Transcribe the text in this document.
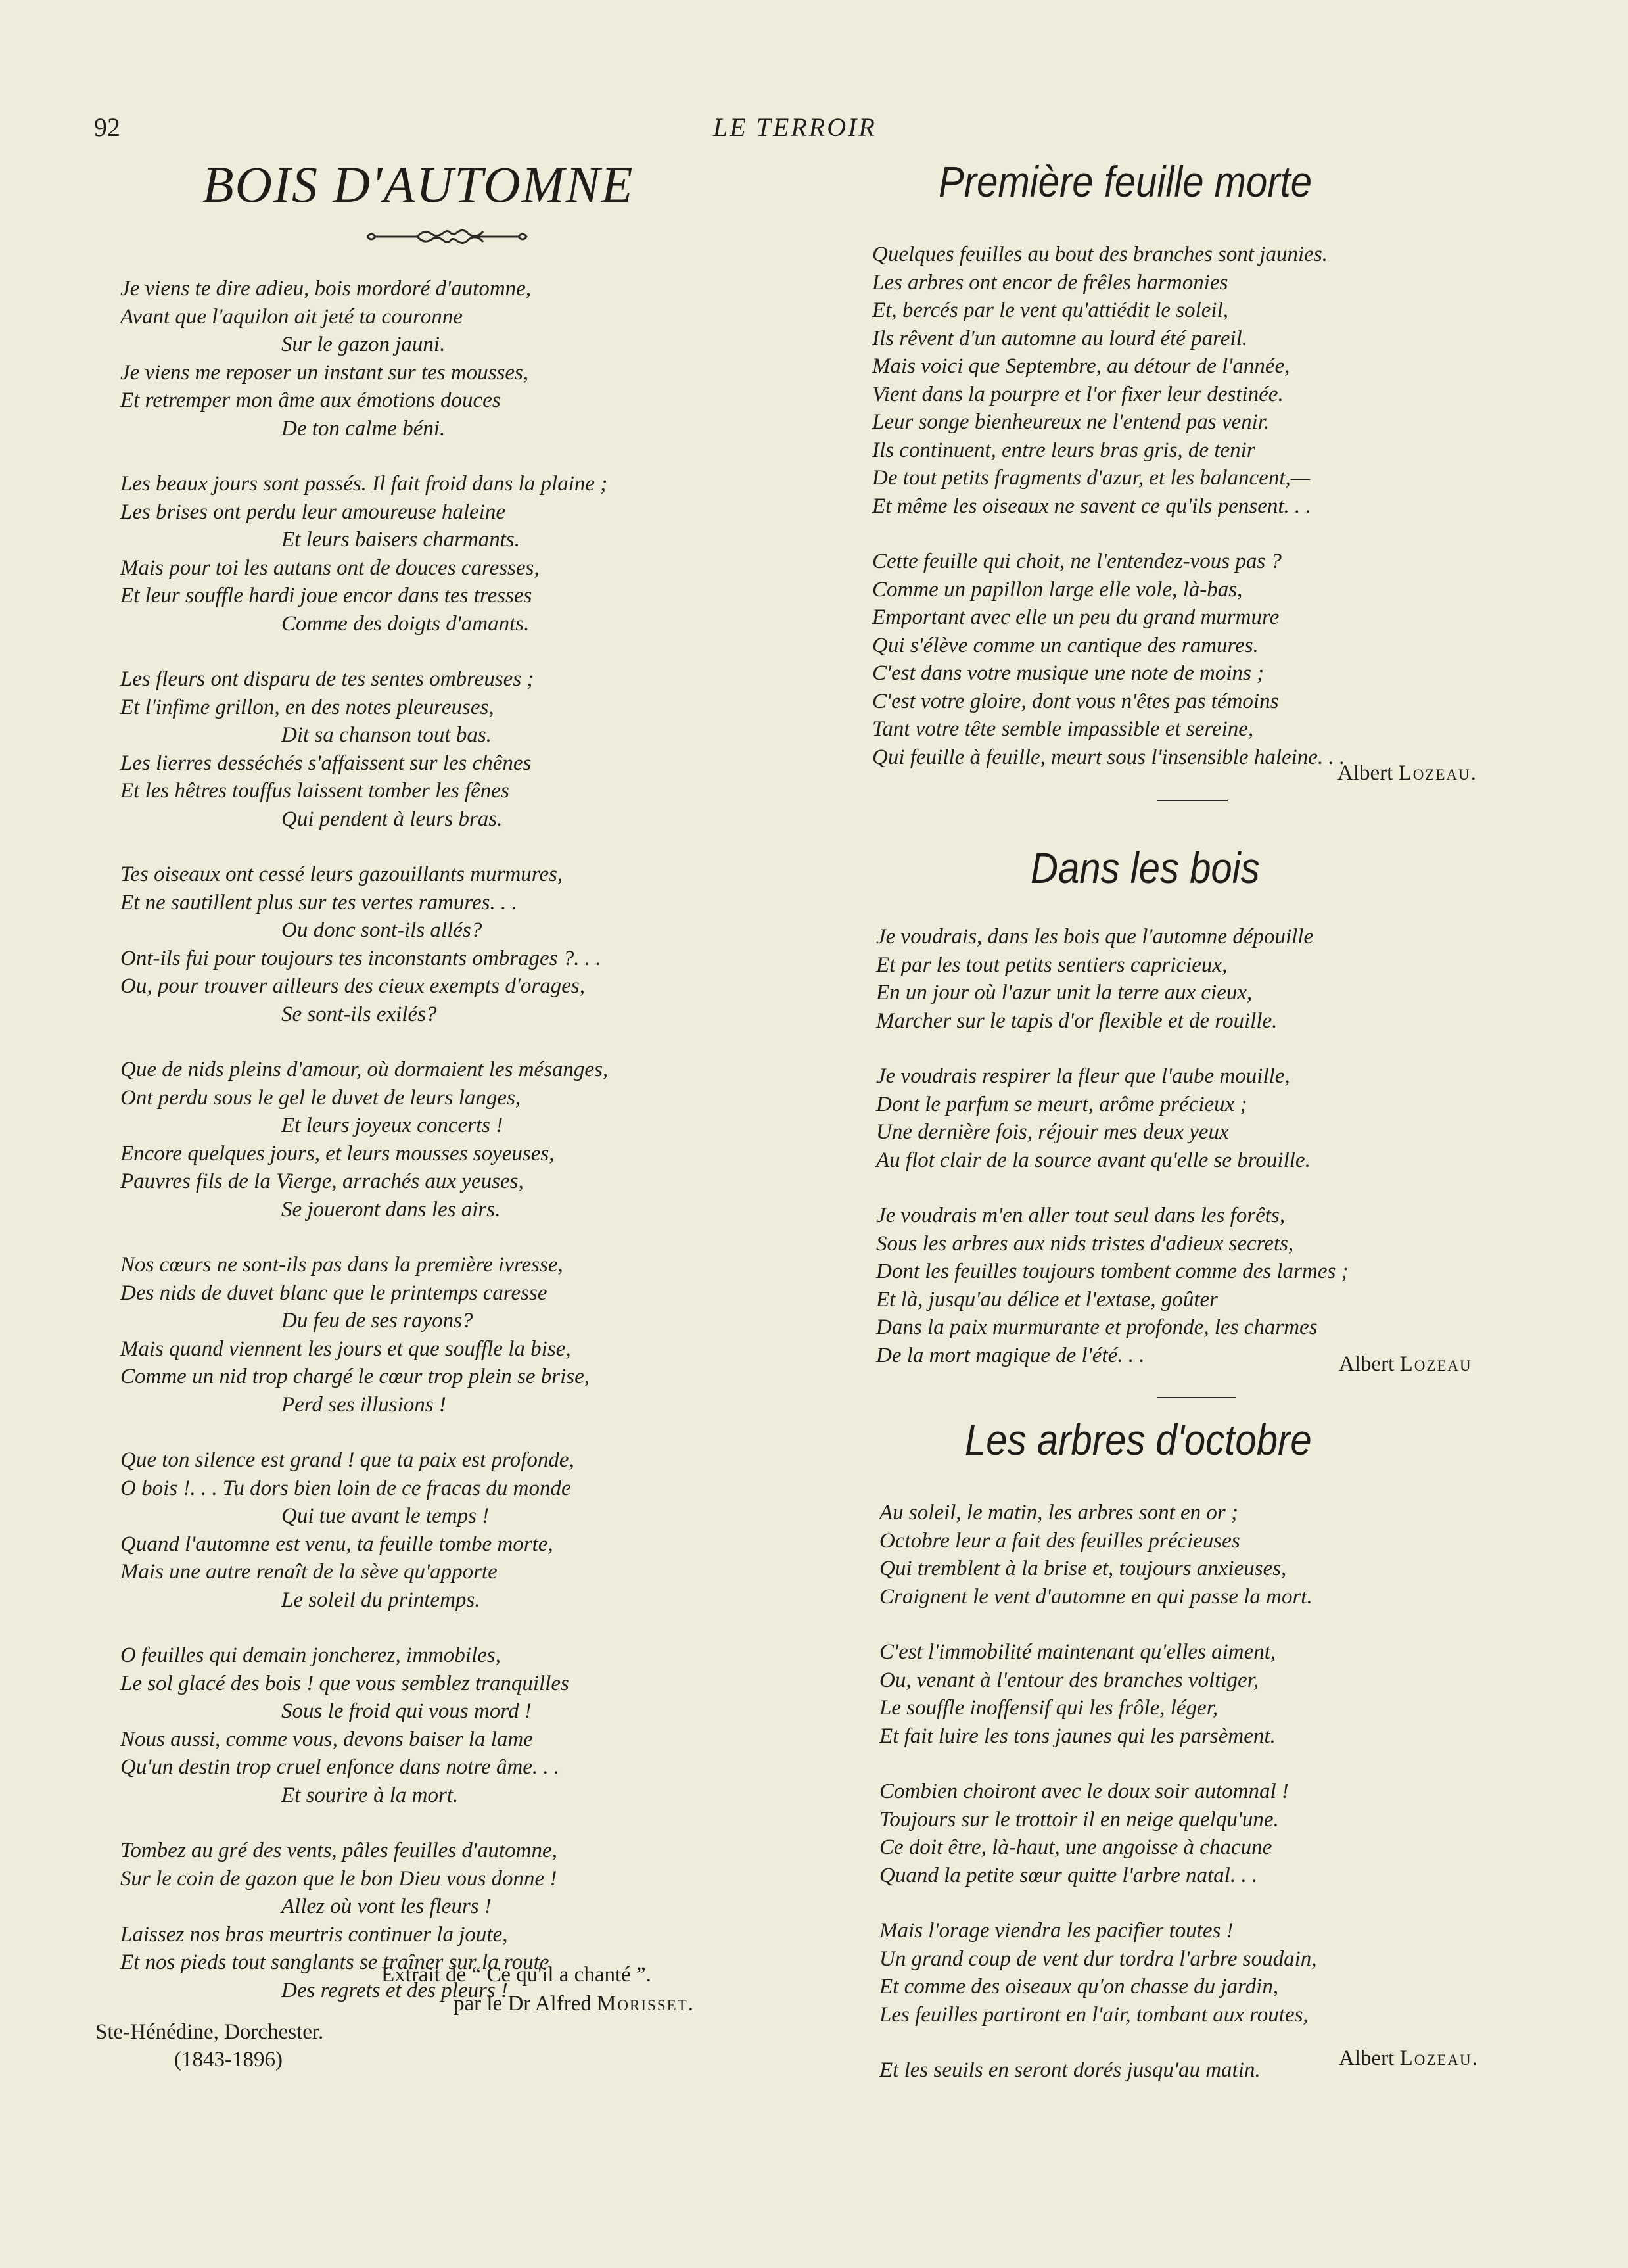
92	LE TERROIR
BOIS D'AUTOMNE
Je viens te dire adieu, bois mordoré d'automne,
Avant que l'aquilon ait jeté ta couronne
Sur le gazon jauni.
Je viens me reposer un instant sur tes mousses,
Et retremper mon âme aux émotions douces
De ton calme béni.
Les beaux jours sont passés. Il fait froid dans la plaine ;
Les brises ont perdu leur amoureuse haleine
Et leurs baisers charmants.
Mais pour toi les autans ont de douces caresses,
Et leur souffle hardi joue encor dans tes tresses
Comme des doigts d'amants.
Les fleurs ont disparu de tes sentes ombreuses ;
Et l'infime grillon, en des notes pleureuses,
Dit sa chanson tout bas.
Les lierres desséchés s'affaissent sur les chênes
Et les hêtres touffus laissent tomber les fênes
Qui pendent à leurs bras.
Tes oiseaux ont cessé leurs gazouillants murmures,
Et ne sautillent plus sur tes vertes ramures. . .
Ou donc sont-ils allés?
Ont-ils fui pour toujours tes inconstants ombrages ?. . .
Ou, pour trouver ailleurs des cieux exempts d'orages,
Se sont-ils exilés?
Que de nids pleins d'amour, où dormaient les mésanges,
Ont perdu sous le gel le duvet de leurs langes,
Et leurs joyeux concerts !
Encore quelques jours, et leurs mousses soyeuses,
Pauvres fils de la Vierge, arrachés aux yeuses,
Se joueront dans les airs.
Nos cœurs ne sont-ils pas dans la première ivresse,
Des nids de duvet blanc que le printemps caresse
Du feu de ses rayons?
Mais quand viennent les jours et que souffle la bise,
Comme un nid trop chargé le cœur trop plein se brise,
Perd ses illusions !
Que ton silence est grand ! que ta paix est profonde,
O bois !. . . Tu dors bien loin de ce fracas du monde
Qui tue avant le temps !
Quand l'automne est venu, ta feuille tombe morte,
Mais une autre renaît de la sève qu'apporte
Le soleil du printemps.
O feuilles qui demain joncherez, immobiles,
Le sol glacé des bois ! que vous semblez tranquilles
Sous le froid qui vous mord !
Nous aussi, comme vous, devons baiser la lame
Qu'un destin trop cruel enfonce dans notre âme. . .
Et sourire à la mort.
Tombez au gré des vents, pâles feuilles d'automne,
Sur le coin de gazon que le bon Dieu vous donne !
Allez où vont les fleurs !
Laissez nos bras meurtris continuer la joute,
Et nos pieds tout sanglants se traîner sur la route
Des regrets et des pleurs !
Extrait de “ Ce qu'il a chanté ”.
par le Dr Alfred Morisset.
Ste-Hénédine, Dorchester.
(1843-1896)
Première feuille morte
Quelques feuilles au bout des branches sont jaunies.
Les arbres ont encor de frêles harmonies
Et, bercés par le vent qu'attiédit le soleil,
Ils rêvent d'un automne au lourd été pareil.
Mais voici que Septembre, au détour de l'année,
Vient dans la pourpre et l'or fixer leur destinée.
Leur songe bienheureux ne l'entend pas venir.
Ils continuent, entre leurs bras gris, de tenir
De tout petits fragments d'azur, et les balancent,—
Et même les oiseaux ne savent ce qu'ils pensent. . .
Cette feuille qui choit, ne l'entendez-vous pas ?
Comme un papillon large elle vole, là-bas,
Emportant avec elle un peu du grand murmure
Qui s'élève comme un cantique des ramures.
C'est dans votre musique une note de moins ;
C'est votre gloire, dont vous n'êtes pas témoins
Tant votre tête semble impassible et sereine,
Qui feuille à feuille, meurt sous l'insensible haleine. . .
Albert Lozeau.
Dans les bois
Je voudrais, dans les bois que l'automne dépouille
Et par les tout petits sentiers capricieux,
En un jour où l'azur unit la terre aux cieux,
Marcher sur le tapis d'or flexible et de rouille.
Je voudrais respirer la fleur que l'aube mouille,
Dont le parfum se meurt, arôme précieux ;
Une dernière fois, réjouir mes deux yeux
Au flot clair de la source avant qu'elle se brouille.
Je voudrais m'en aller tout seul dans les forêts,
Sous les arbres aux nids tristes d'adieux secrets,
Dont les feuilles toujours tombent comme des larmes ;
Et là, jusqu'au délice et l'extase, goûter
Dans la paix murmurante et profonde, les charmes
De la mort magique de l'été. . .	Albert Lozeau
Les arbres d'octobre
Au soleil, le matin, les arbres sont en or ;
Octobre leur a fait des feuilles précieuses
Qui tremblent à la brise et, toujours anxieuses,
Craignent le vent d'automne en qui passe la mort.
C'est l'immobilité maintenant qu'elles aiment,
Ou, venant à l'entour des branches voltiger,
Le souffle inoffensif qui les frôle, léger,
Et fait luire les tons jaunes qui les parsèment.
Combien choiront avec le doux soir automnal !
Toujours sur le trottoir il en neige quelqu'une.
Ce doit être, là-haut, une angoisse à chacune
Quand la petite sœur quitte l'arbre natal. . .
Mais l'orage viendra les pacifier toutes !
Un grand coup de vent dur tordra l'arbre soudain,
Et comme des oiseaux qu'on chasse du jardin,
Les feuilles partiront en l'air, tombant aux routes,
Et les seuils en seront dorés jusqu'au matin.	Albert Lozeau.
